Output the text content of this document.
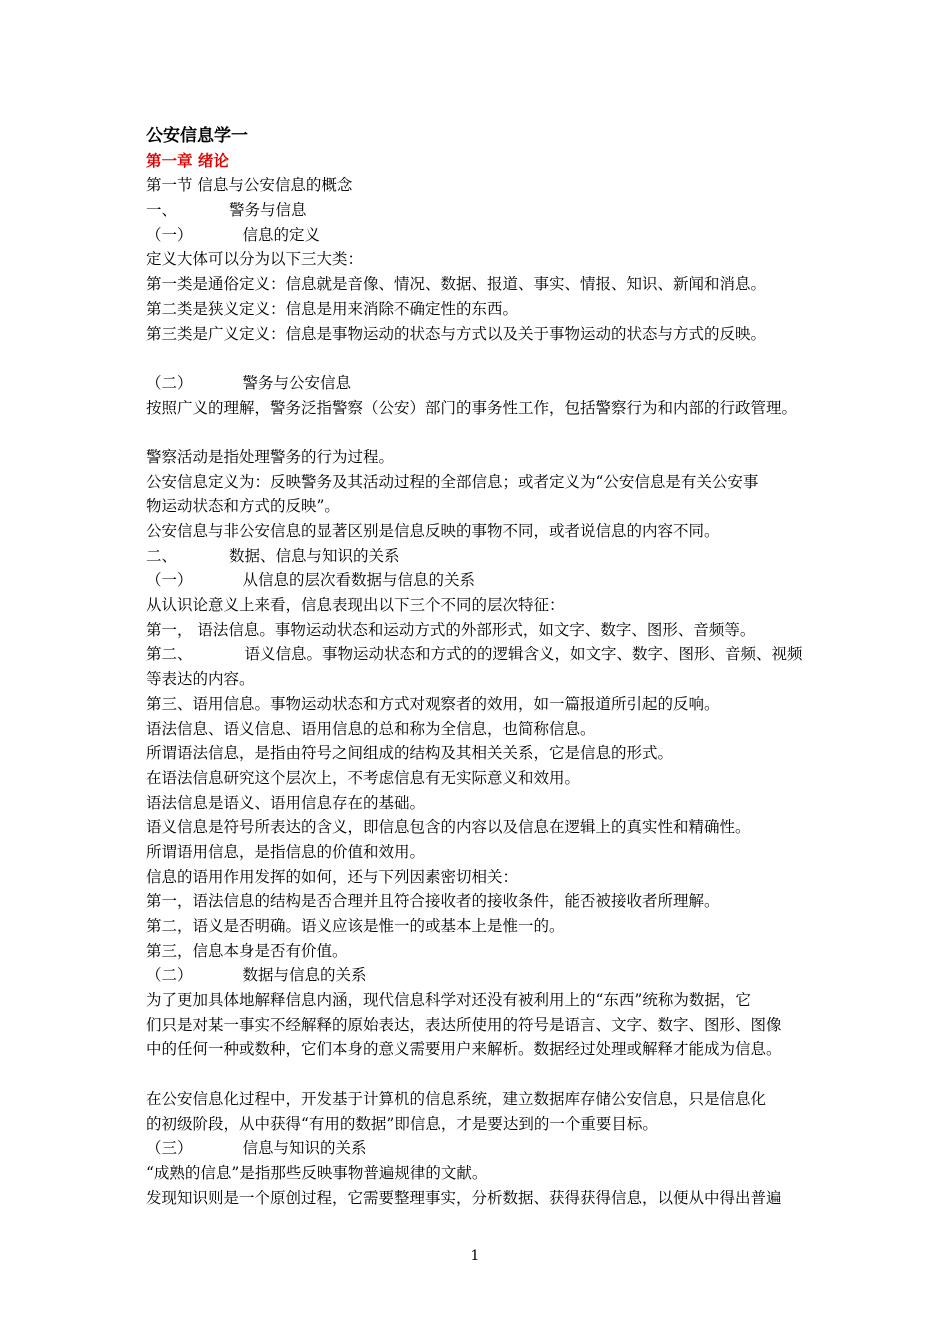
公安信息学一
第一章 绪论
第一节 信息与公安信息的概念
一、	警务与信息
（一）	信息的定义
定义大体可以分为以下三大类：
第一类是通俗定义：信息就是音像、情况、数据、报道、事实、情报、知识、新闻和消息。
第二类是狭义定义：信息是用来消除不确定性的东西。
第三类是广义定义：信息是事物运动的状态与方式以及关于事物运动的状态与方式的反映。
（二）	警务与公安信息
按照广义的理解，警务泛指警察（公安）部门的事务性工作，包括警察行为和内部的行政管理。
警察活动是指处理警务的行为过程。
公安信息定义为：反映警务及其活动过程的全部信息；或者定义为“公安信息是有关公安事
物运动状态和方式的反映”。
公安信息与非公安信息的显著区别是信息反映的事物不同，或者说信息的内容不同。
二、	数据、信息与知识的关系
（一）	从信息的层次看数据与信息的关系
从认识论意义上来看，信息表现出以下三个不同的层次特征：
第一， 语法信息。事物运动状态和运动方式的外部形式，如文字、数字、图形、音频等。
第二、	语义信息。事物运动状态和方式的的逻辑含义，如文字、数字、图形、音频、视频
等表达的内容。
第三、语用信息。事物运动状态和方式对观察者的效用，如一篇报道所引起的反响。
语法信息、语义信息、语用信息的总和称为全信息，也简称信息。
所谓语法信息，是指由符号之间组成的结构及其相关关系，它是信息的形式。
在语法信息研究这个层次上，不考虑信息有无实际意义和效用。
语法信息是语义、语用信息存在的基础。
语义信息是符号所表达的含义，即信息包含的内容以及信息在逻辑上的真实性和精确性。
所谓语用信息，是指信息的价值和效用。
信息的语用作用发挥的如何，还与下列因素密切相关：
第一，语法信息的结构是否合理并且符合接收者的接收条件，能否被接收者所理解。
第二，语义是否明确。语义应该是惟一的或基本上是惟一的。
第三，信息本身是否有价值。
（二）	数据与信息的关系
为了更加具体地解释信息内涵，现代信息科学对还没有被利用上的“东西”统称为数据，它
们只是对某一事实不经解释的原始表达，表达所使用的符号是语言、文字、数字、图形、图像
中的任何一种或数种，它们本身的意义需要用户来解析。数据经过处理或解释才能成为信息。
在公安信息化过程中，开发基于计算机的信息系统，建立数据库存储公安信息，只是信息化
的初级阶段，从中获得“有用的数据”即信息，才是要达到的一个重要目标。
（三）	信息与知识的关系
“成熟的信息”是指那些反映事物普遍规律的文献。
发现知识则是一个原创过程，它需要整理事实，分析数据、获得获得信息，以便从中得出普遍
1
